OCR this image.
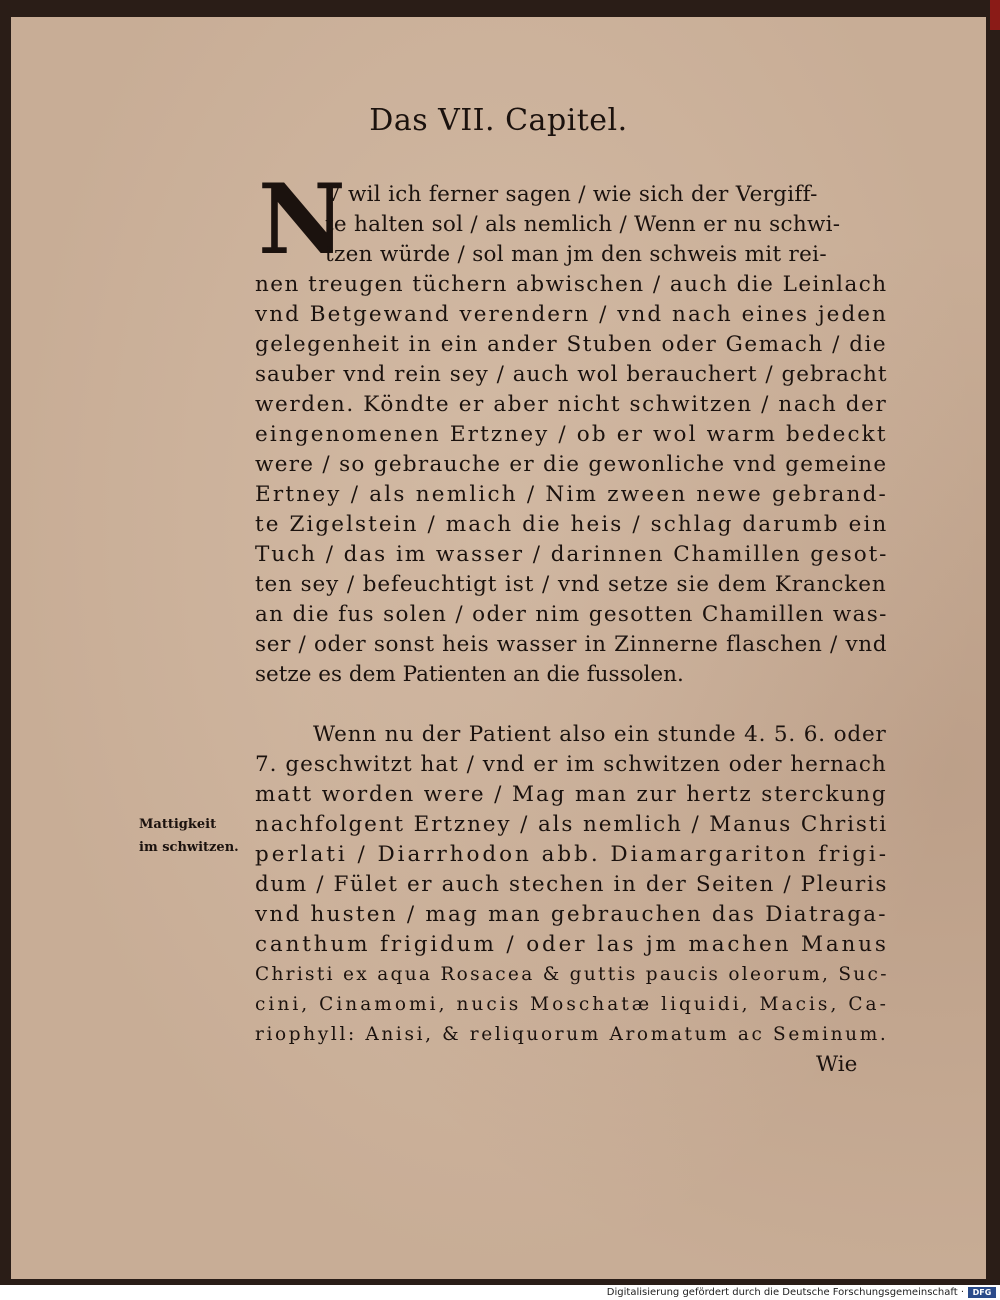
Das VII. Capitel.
N
V wil ich ferner sagen / wie sich der Vergiff-
te halten sol / als nemlich / Wenn er nu schwi-
tzen würde / sol man jm den schweis mit rei-
nen treugen tüchern abwischen / auch die Leinlach
vnd Betgewand verendern / vnd nach eines jeden
gelegenheit in ein ander Stuben oder Gemach / die
sauber vnd rein sey / auch wol berauchert / gebracht
werden. Köndte er aber nicht schwitzen / nach der
eingenomenen Ertzney / ob er wol warm bedeckt
were / so gebrauche er die gewonliche vnd gemeine
Ertney / als nemlich / Nim zween newe gebrand-
te Zigelstein / mach die heis / schlag darumb ein
Tuch / das im wasser / darinnen Chamillen gesot-
ten sey / befeuchtigt ist / vnd setze sie dem Krancken
an die fus solen / oder nim gesotten Chamillen was-
ser / oder sonst heis wasser in Zinnerne flaschen / vnd
setze es dem Patienten an die fussolen.
Wenn nu der Patient also ein stunde 4. 5. 6. oder
7. geschwitzt hat / vnd er im schwitzen oder hernach
matt worden were / Mag man zur hertz sterckung
nachfolgent Ertzney / als nemlich / Manus Christi
perlati / Diarrhodon abb. Diamargariton frigi-
dum / Fület er auch stechen in der Seiten / Pleuris
vnd husten / mag man gebrauchen das Diatraga-
canthum frigidum / oder las jm machen Manus
Christi ex aqua Rosacea & guttis paucis oleorum, Suc-
cini, Cinamomi, nucis Moschatæ liquidi, Macis, Ca-
riophyll: Anisi, & reliquorum Aromatum ac Seminum.
Wie
Mattigkeit
im schwitzen.
Digitalisierung gefördert durch die Deutsche Forschungsgemeinschaft ·	DFG
